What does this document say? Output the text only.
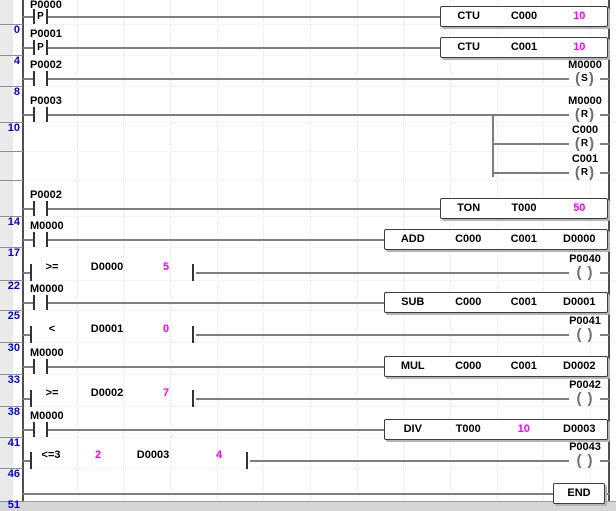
0
P0000
P	CTU	C000	10
4
P0001
P	CTU	C001	10
8
P0002	M0000
( S )
10
P0003	M0000
( R )
C000
( R )
C001
( R )
14
P0002
TON	T000	50
17
M0000
ADD	C000	C001	D0000
22
>=	D0000	5
P0040
( )
25
M0000
SUB	C000	C001	D0001
30
<	D0001	0
P0041
( )
33
M0000
MUL	C000	C001	D0002
38
>=	D0002	7
P0042
( )
41
M0000
DIV	T000	10	D0003
46
<=3	2	D0003	4
P0043
( )
51
END
